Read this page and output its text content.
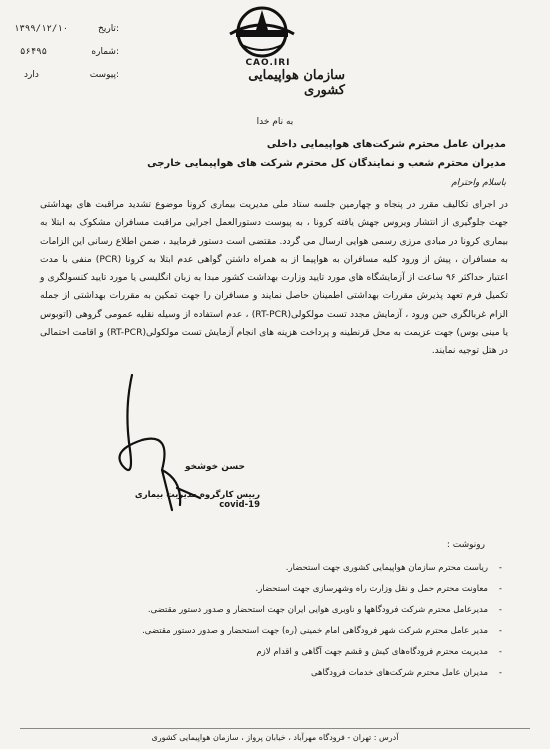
CAO.IRI
سازمان هواپیمایی کشوری
تاریخ:
۱۳۹۹/۱۲/۱۰
شماره:
۵۶۴۹۵
پیوست:
دارد
به نام خدا
مدیران عامل محترم شرکت‌های هواپیمایی داخلی
مدیران محترم شعب و نمایندگان کل محترم شرکت های هواپیمایی خارجی
باسلام واحترام
در اجرای تکالیف مقرر در پنجاه و چهارمین جلسه ستاد ملی مدیریت بیماری کرونا موضوع تشدید مراقبت های بهداشتی جهت جلوگیری از انتشار ویروس جهش یافته کرونا ، به پیوست دستورالعمل اجرایی مراقبت مسافران مشکوک به ابتلا به بیماری کرونا در مبادی مرزی رسمی هوایی ارسال می گردد. مقتضی است دستور فرمایید ، ضمن اطلاع رسانی این الزامات به مسافران ، پیش از ورود کلیه مسافران به هواپیما از به همراه داشتن گواهی عدم ابتلا به کرونا (PCR) منفی با مدت اعتبار حداکثر ۹۶ ساعت از آزمایشگاه های مورد تایید وزارت بهداشت کشور مبدا به زبان انگلیسی یا مورد تایید کنسولگری و تکمیل فرم تعهد پذیرش مقررات بهداشتی اطمینان حاصل نمایند و مسافران را جهت تمکین به مقررات بهداشتی از جمله الزام غربالگری حین ورود ، آزمایش مجدد تست مولکولی(RT-PCR) ، عدم استفاده از وسیله نقلیه عمومی گروهی (اتوبوس یا مینی بوس) جهت عزیمت به محل قرنطینه و پرداخت هزینه های انجام آزمایش تست مولکولی(RT-PCR) و اقامت احتمالی در هتل توجیه نمایند.
حسن خوشخو
رییس کارگروه مدیریت بیماری covid-19
رونوشت :
- ریاست محترم سازمان هواپیمایی کشوری جهت استحضار.
- معاونت محترم حمل و نقل وزارت راه وشهرسازی جهت استحضار.
- مدیرعامل محترم شرکت فرودگاهها و ناوبری هوایی ایران جهت استحضار و صدور دستور مقتضی.
- مدیر عامل محترم شرکت شهر فرودگاهی امام خمینی (ره) جهت استحضار و صدور دستور مقتضی.
- مدیریت محترم فرودگاه‌های کیش و قشم جهت آگاهی و اقدام لازم
- مدیران عامل محترم شرکت‌های خدمات فرودگاهی
آدرس : تهران - فرودگاه مهرآباد ، خیابان پرواز ، سازمان هواپیمایی کشوری
